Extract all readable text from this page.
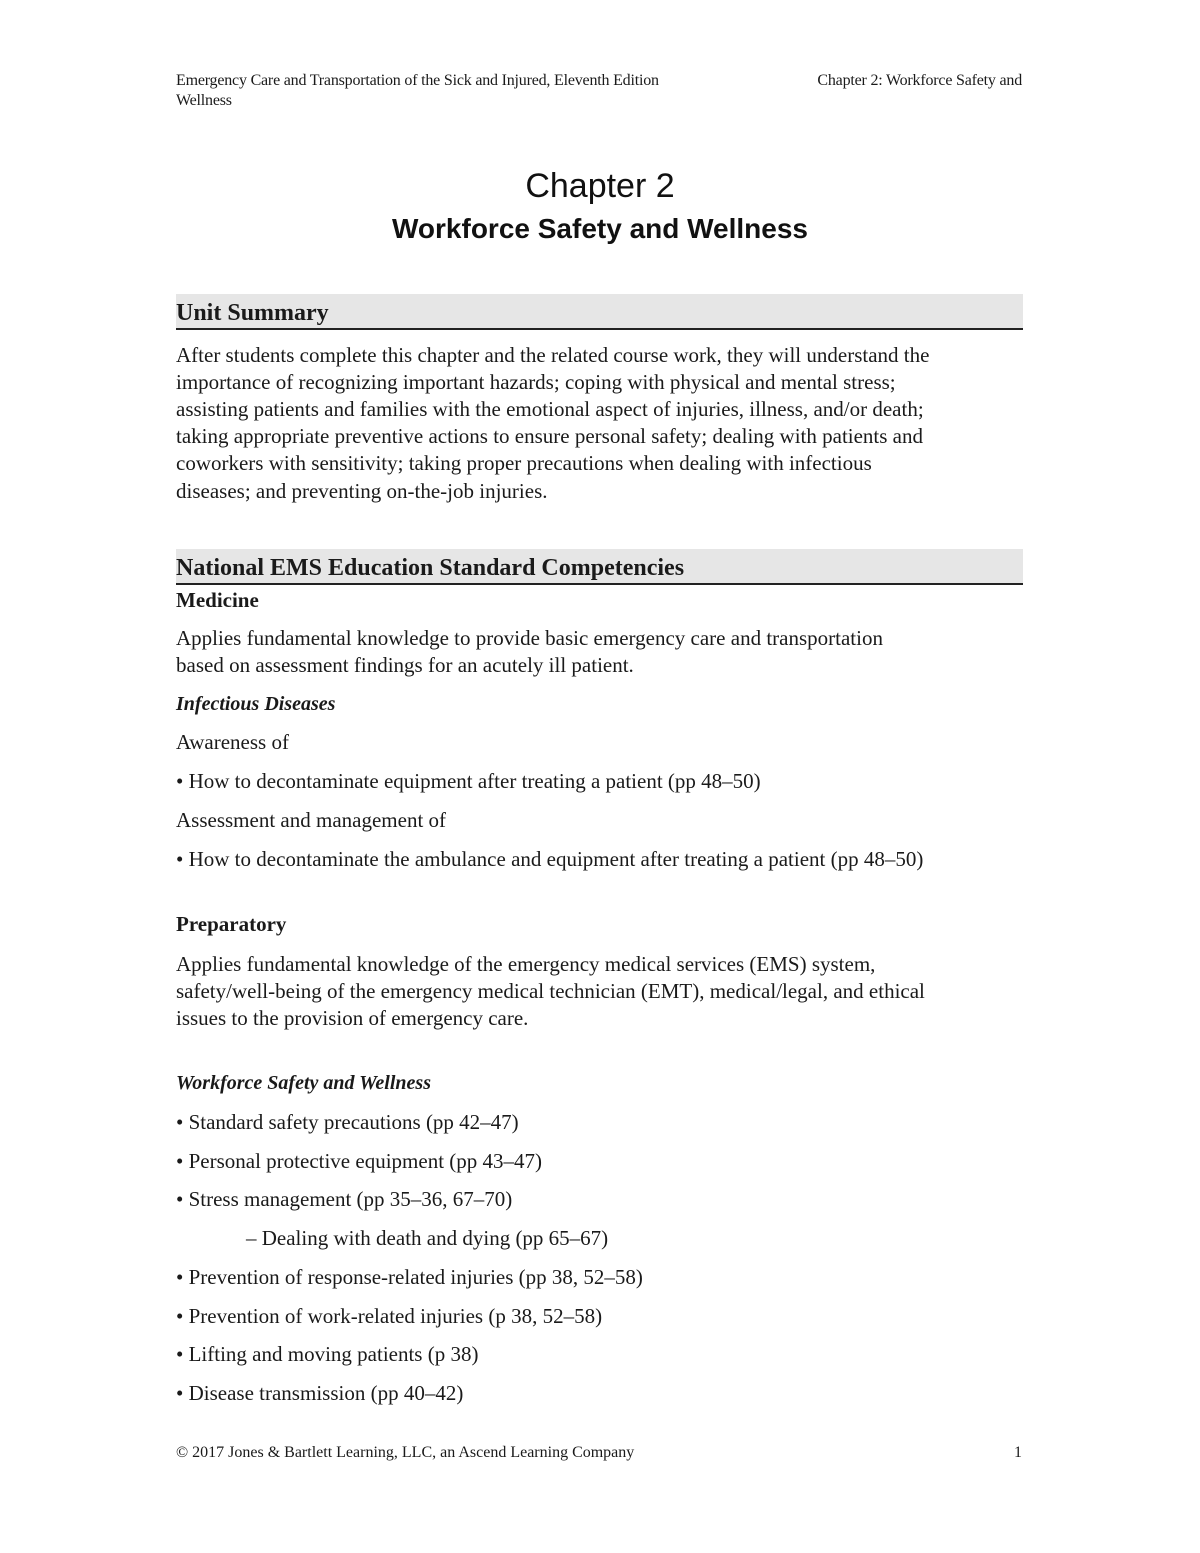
Emergency Care and Transportation of the Sick and Injured, Eleventh Edition
Wellness
Chapter 2: Workforce Safety and
Chapter 2
Workforce Safety and Wellness
Unit Summary
After students complete this chapter and the related course work, they will understand the
importance of recognizing important hazards; coping with physical and mental stress;
assisting patients and families with the emotional aspect of injuries, illness, and/or death;
taking appropriate preventive actions to ensure personal safety; dealing with patients and
coworkers with sensitivity; taking proper precautions when dealing with infectious
diseases; and preventing on-the-job injuries.
National EMS Education Standard Competencies
Medicine
Applies fundamental knowledge to provide basic emergency care and transportation
based on assessment findings for an acutely ill patient.
Infectious Diseases
Awareness of
• How to decontaminate equipment after treating a patient (pp 48–50)
Assessment and management of
• How to decontaminate the ambulance and equipment after treating a patient (pp 48–50)
Preparatory
Applies fundamental knowledge of the emergency medical services (EMS) system,
safety/well-being of the emergency medical technician (EMT), medical/legal, and ethical
issues to the provision of emergency care.
Workforce Safety and Wellness
• Standard safety precautions (pp 42–47)
• Personal protective equipment (pp 43–47)
• Stress management (pp 35–36, 67–70)
– Dealing with death and dying (pp 65–67)
• Prevention of response-related injuries (pp 38, 52–58)
• Prevention of work-related injuries (p 38, 52–58)
• Lifting and moving patients (p 38)
• Disease transmission (pp 40–42)
© 2017 Jones & Bartlett Learning, LLC, an Ascend Learning Company	1
